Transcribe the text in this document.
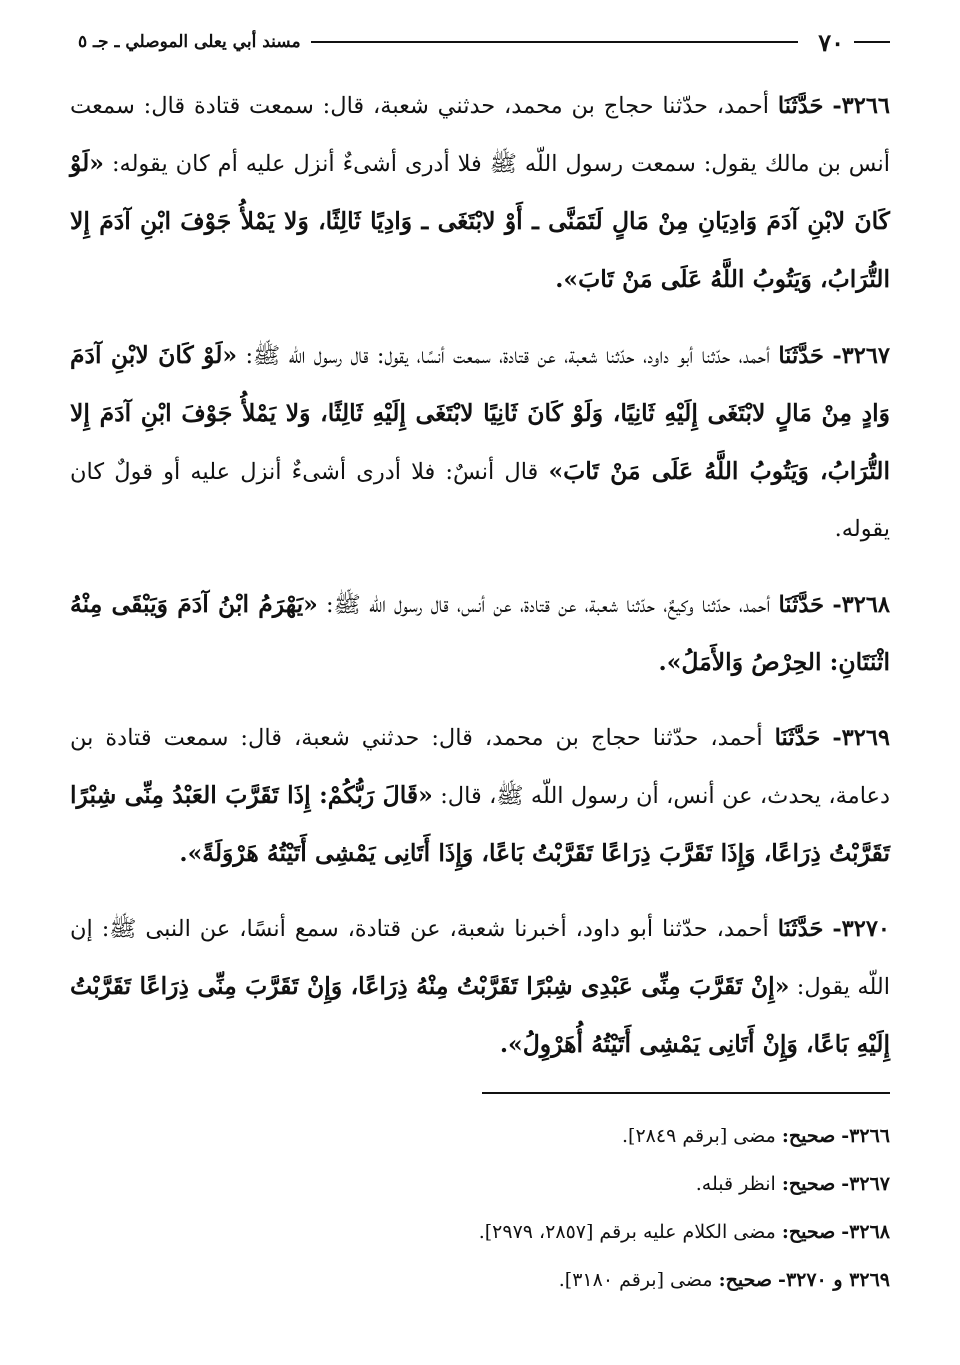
٧٠
مسند أبي يعلى الموصلي ـ جـ ٥

٣٢٦٦- حَدَّثَنَا أحمد، حدّثنا حجاج بن محمد، حدثني شعبة، قال: سمعت قتادة قال: سمعت أنس بن مالك يقول: سمعت رسول اللّه ﷺ فلا أدرى أشىءٌ أنزل عليه أم كان يقوله: «لَوْ كَانَ لابْنِ آدَمَ وَادِيَانِ مِنْ مَالٍ لَتَمَنَّى ـ أَوْ لابْتَغَى ـ وَادِيًا ثَالِثًا، وَلا يَمْلأُ جَوْفَ ابْنِ آدَمَ إِلا التُّرَابُ، وَيَتُوبُ اللَّهُ عَلَى مَنْ تَابَ».

٣٢٦٧- حَدَّثَنَا أحمد، حدّثنا أبو داود، حدّثنا شعبة، عن قتادة، سمعت أنسًا، يقول: قال رسول اللّه ﷺ: «لَوْ كَانَ لابْنِ آدَمَ وَادٍ مِنْ مَالٍ لابْتَغَى إِلَيْهِ ثَانِيًا، وَلَوْ كَانَ ثَانِيًا لابْتَغَى إِلَيْهِ ثَالِثًا، وَلا يَمْلأُ جَوْفَ ابْنِ آدَمَ إِلا التُّرَابُ، وَيَتُوبُ اللَّهُ عَلَى مَنْ تَابَ» قال أنسٌ: فلا أدرى أشىءٌ أنزل عليه أو قولٌ كان يقوله.

٣٢٦٨- حَدَّثَنَا أحمد، حدّثنا وكيعٌ، حدّثنا شعبة، عن قتادة، عن أنس، قال رسول اللّه ﷺ: «يَهْرَمُ ابْنُ آدَمَ وَيَبْقَى مِنْهُ اثْنَتَانِ: الحِرْصُ وَالأَمَلُ».

٣٢٦٩- حَدَّثَنَا أحمد، حدّثنا حجاج بن محمد، قال: حدثني شعبة، قال: سمعت قتادة بن دعامة، يحدث، عن أنس، أن رسول اللّه ﷺ، قال: «قَالَ رَبُّكُمْ: إِذَا تَقَرَّبَ العَبْدُ مِنِّى شِبْرًا تَقَرَّبْتُ ذِرَاعًا، وَإِذَا تَقَرَّبَ ذِرَاعًا تَقَرَّبْتُ بَاعًا، وَإِذَا أَتَانِى يَمْشِى أَتَيْتُهُ هَرْوَلَةً».

٣٢٧٠- حَدَّثَنَا أحمد، حدّثنا أبو داود، أخبرنا شعبة، عن قتادة، سمع أنسًا، عن النبى ﷺ: إن اللّه يقول: «إِنْ تَقَرَّبَ مِنِّى عَبْدِى شِبْرًا تَقَرَّبْتُ مِنْهُ ذِرَاعًا، وَإِنْ تَقَرَّبَ مِنِّى ذِرَاعًا تَقَرَّبْتُ إِلَيْهِ بَاعًا، وَإِنْ أَتَانِى يَمْشِى أَتَيْتُهُ أُهَرْوِلُ».

٣٢٦٦- صحيح: مضى [برقم ٢٨٤٩].
٣٢٦٧- صحيح: انظر قبله.
٣٢٦٨- صحيح: مضى الكلام عليه برقم [٢٨٥٧، ٢٩٧٩].
٣٢٦٩ و ٣٢٧٠- صحيح: مضى [برقم ٣١٨٠].
